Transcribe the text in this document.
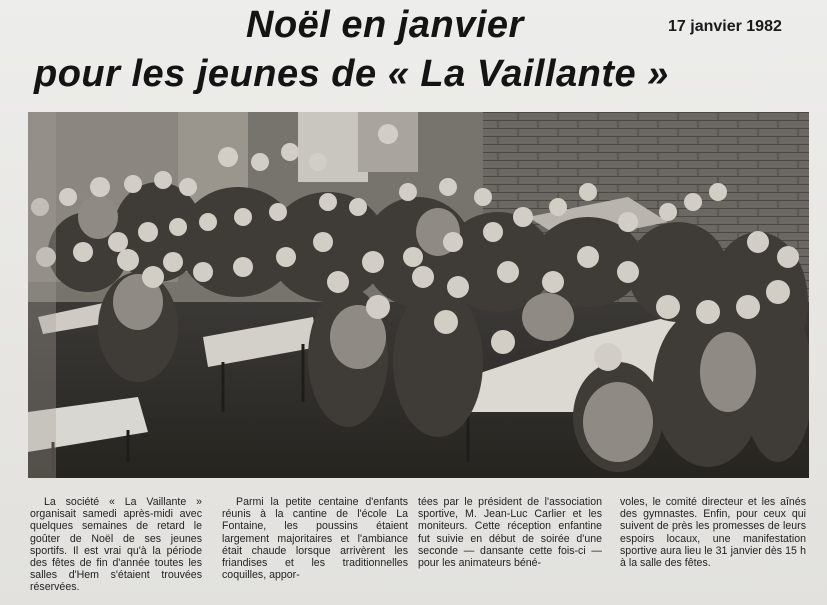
Noël en janvier	17 janvier 1982
pour les jeunes de « La Vaillante »

La société « La Vaillante » organisait samedi après-midi avec quelques semaines de retard le goûter de Noël de ses jeunes sportifs. Il est vrai qu'à la période des fêtes de fin d'année toutes les salles d'Hem s'étaient trouvées réservées.

Parmi la petite centaine d'enfants réunis à la cantine de l'école La Fontaine, les poussins étaient largement majoritaires et l'ambiance était chaude lorsque arrivèrent les friandises et les traditionnelles coquilles, appor-

tées par le président de l'association sportive, M. Jean-Luc Carlier et les moniteurs. Cette réception enfantine fut suivie en début de soirée d'une seconde — dansante cette fois-ci — pour les animateurs béné-

voles, le comité directeur et les aînés des gymnastes. Enfin, pour ceux qui suivent de près les promesses de leurs espoirs locaux, une manifestation sportive aura lieu le 31 janvier dès 15 h à la salle des fêtes.
